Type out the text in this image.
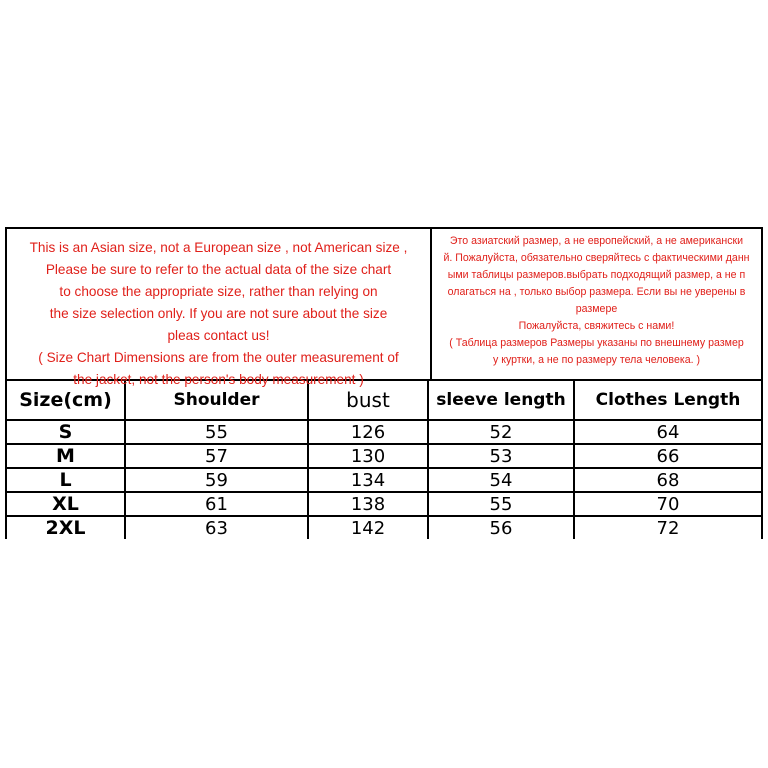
This is an Asian size, not a European size , not American size ,
Please be sure to refer to the actual data of the size chart
to choose the appropriate size, rather than relying on
the size selection only. If you are not sure about the size
pleas contact us!
( Size Chart Dimensions are from the outer measurement of
the jacket, not the person's body measurement )
Это азиатский размер, а не европейский, а не американски
й. Пожалуйста, обязательно сверяйтесь с фактическими данн
ыми таблицы размеров.выбрать подходящий размер, а не п
олагаться на , только выбор размера. Если вы не уверены в
размере
Пожалуйста, свяжитесь с нами!
( Таблица размеров Размеры указаны по внешнему размер
у куртки, а не по размеру тела человека. )
Size(cm)	Shoulder	bust	sleeve length	Clothes Length
S	55	126	52	64
M	57	130	53	66
L	59	134	54	68
XL	61	138	55	70
2XL	63	142	56	72
